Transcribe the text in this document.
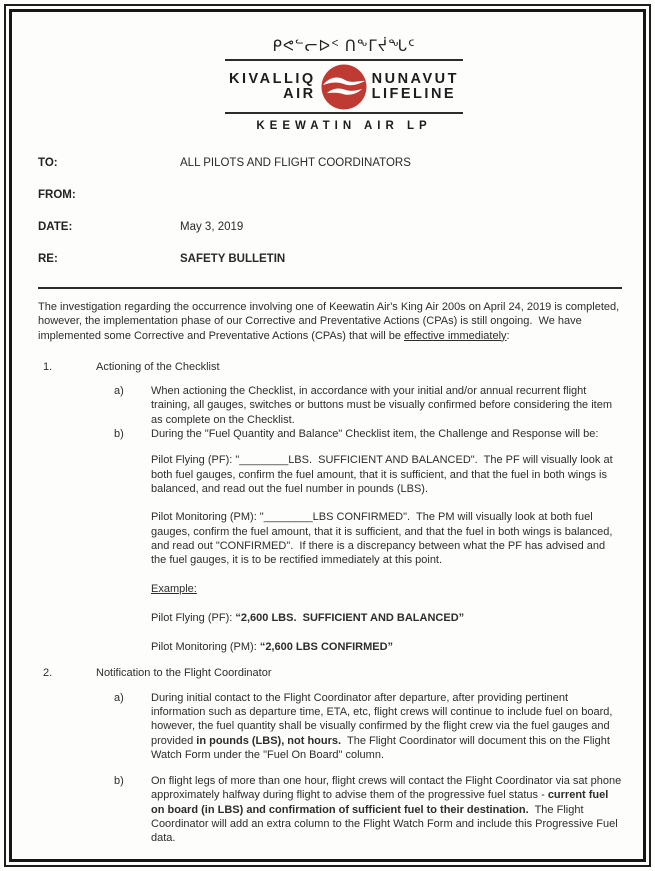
ᑭᕙᓪᓕᐅᑉ ᑎᖕᒥᔫᖓᑦ
KIVALLIQ
AIR
NUNAVUT
LIFELINE
KEEWATIN AIR LP
TO:	ALL PILOTS AND FLIGHT COORDINATORS
FROM:
DATE:	May 3, 2019
RE:	SAFETY BULLETIN

The investigation regarding the occurrence involving one of Keewatin Air's King Air 200s on April 24, 2019 is completed, however, the implementation phase of our Corrective and Preventative Actions (CPAs) is still ongoing.  We have implemented some Corrective and Preventative Actions (CPAs) that will be effective immediately:

1.	Actioning of the Checklist
a)	When actioning the Checklist, in accordance with your initial and/or annual recurrent flight training, all gauges, switches or buttons must be visually confirmed before considering the item as complete on the Checklist.
b)	During the "Fuel Quantity and Balance" Checklist item, the Challenge and Response will be:

Pilot Flying (PF): "________LBS.  SUFFICIENT AND BALANCED".  The PF will visually look at both fuel gauges, confirm the fuel amount, that it is sufficient, and that the fuel in both wings is balanced, and read out the fuel number in pounds (LBS).

Pilot Monitoring (PM): "________LBS CONFIRMED".  The PM will visually look at both fuel gauges, confirm the fuel amount, that it is sufficient, and that the fuel in both wings is balanced, and read out "CONFIRMED".  If there is a discrepancy between what the PF has advised and the fuel gauges, it is to be rectified immediately at this point.

Example:

Pilot Flying (PF): “2,600 LBS.  SUFFICIENT AND BALANCED”

Pilot Monitoring (PM): “2,600 LBS CONFIRMED”

2.	Notification to the Flight Coordinator
a)	During initial contact to the Flight Coordinator after departure, after providing pertinent information such as departure time, ETA, etc, flight crews will continue to include fuel on board, however, the fuel quantity shall be visually confirmed by the flight crew via the fuel gauges and provided in pounds (LBS), not hours.  The Flight Coordinator will document this on the Flight Watch Form under the "Fuel On Board" column.
b)	On flight legs of more than one hour, flight crews will contact the Flight Coordinator via sat phone approximately halfway during flight to advise them of the progressive fuel status - current fuel on board (in LBS) and confirmation of sufficient fuel to their destination.  The Flight Coordinator will add an extra column to the Flight Watch Form and include this Progressive Fuel data.
